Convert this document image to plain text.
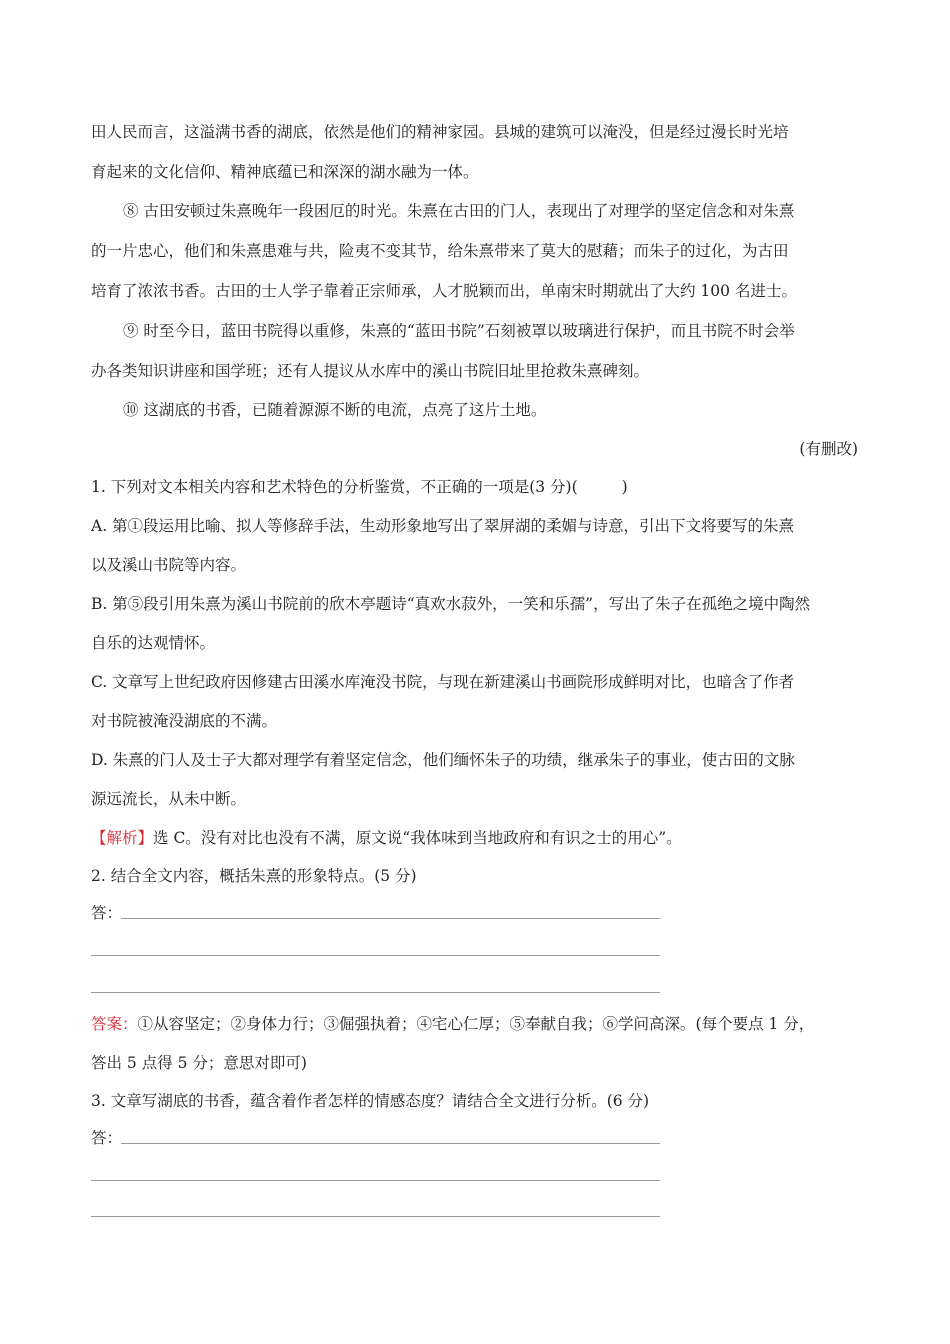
田人民而言，这溢满书香的湖底，依然是他们的精神家园。县城的建筑可以淹没，但是经过漫长时光培
育起来的文化信仰、精神底蕴已和深深的湖水融为一体。
⑧ 古田安顿过朱熹晚年一段困厄的时光。朱熹在古田的门人，表现出了对理学的坚定信念和对朱熹
的一片忠心，他们和朱熹患难与共，险夷不变其节，给朱熹带来了莫大的慰藉；而朱子的过化，为古田
培育了浓浓书香。古田的士人学子靠着正宗师承，人才脱颖而出，单南宋时期就出了大约 100 名进士。
⑨ 时至今日，蓝田书院得以重修，朱熹的“蓝田书院”石刻被罩以玻璃进行保护，而且书院不时会举
办各类知识讲座和国学班；还有人提议从水库中的溪山书院旧址里抢救朱熹碑刻。
⑩ 这湖底的书香，已随着源源不断的电流，点亮了这片土地。
(有删改)
1. 下列对文本相关内容和艺术特色的分析鉴赏，不正确的一项是(3 分)(	)
A. 第①段运用比喻、拟人等修辞手法，生动形象地写出了翠屏湖的柔媚与诗意，引出下文将要写的朱熹
以及溪山书院等内容。
B. 第⑤段引用朱熹为溪山书院前的欣木亭题诗“真欢水菽外，一笑和乐孺”，写出了朱子在孤绝之境中陶然
自乐的达观情怀。
C. 文章写上世纪政府因修建古田溪水库淹没书院，与现在新建溪山书画院形成鲜明对比，也暗含了作者
对书院被淹没湖底的不满。
D. 朱熹的门人及士子大都对理学有着坚定信念，他们缅怀朱子的功绩，继承朱子的事业，使古田的文脉
源远流长，从未中断。
【解析】选 C。没有对比也没有不满，原文说“我体味到当地政府和有识之士的用心”。
2. 结合全文内容，概括朱熹的形象特点。(5 分)
答：
答案：①从容坚定；②身体力行；③倔强执着；④宅心仁厚；⑤奉献自我；⑥学问高深。(每个要点 1 分，
答出 5 点得 5 分；意思对即可)
3. 文章写湖底的书香，蕴含着作者怎样的情感态度？请结合全文进行分析。(6 分)
答：
